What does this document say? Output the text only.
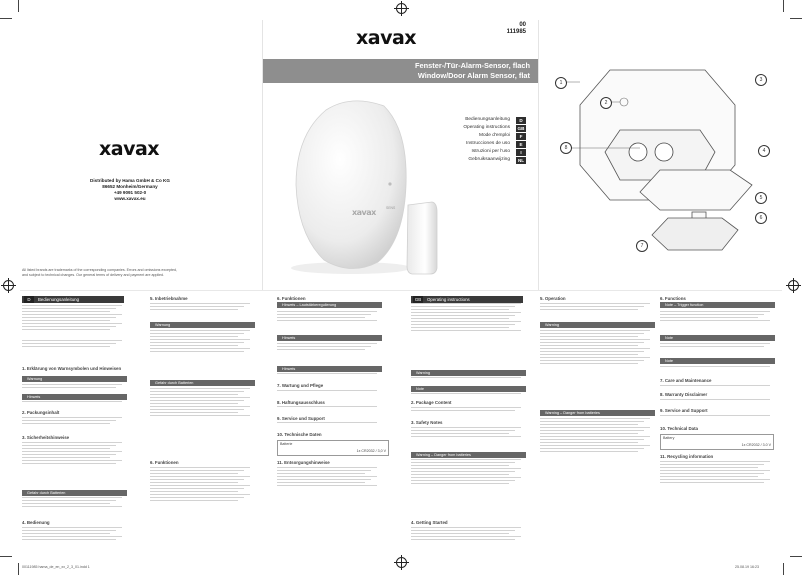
xavax
Distributed by Hama GmbH & Co KG
86652 Monheim/Germany
+49 9091 502-0
www.xavax.eu
All listed brands are trademarks of the corresponding companies. Errors and omissions excepted,
and subject to technical changes. Our general terms of delivery and payment are applied.
00
111985
xavax
Fenster-/Tür-Alarm-Sensor, flach
Window/Door Alarm Sensor, flat
SENS
xavax
Bedienungsanleitung	D
Operating instructions	GB
Mode d'emploi	F
Instrucciones de uso	E
Istruzioni per l'uso	I
Gebruiksaanwijzing	NL
1
2
3
8	4
5
6
7
D Bedienungsanleitung
1. Erklärung von Warnsymbolen und Hinweisen
Warnung
Hinweis
2. Packungsinhalt
3. Sicherheitshinweise
Gefahr durch Batterien
4. Bedienung
5. Inbetriebnahme
Warnung
Gefahr durch Batterien
6. Funktionen
6. Funktionen
Hinweis – Lautstärkeregulierung
Hinweis
Hinweis
7. Wartung und Pflege
8. Haftungsausschluss
9. Service und Support
10. Technische Daten
Batterie
1x CR2032 / 3,0 V
11. Entsorgungshinweise
GB Operating instructions
Warning
Note
2. Package Content
3. Safety Notes
Warning – Danger from batteries
4. Getting Started
5. Operation
Warning
Warning – Danger from batteries
6. Functions
Note – Trigger function
Note
Note
7. Care and Maintenance
8. Warranty Disclaimer
9. Service and Support
10. Technical Data
Battery
1x CR2032 / 3.0 V
11. Recycling information
00111985 hama_de_en_xx_2_3_01.indd 1	25.08.19 16:23
